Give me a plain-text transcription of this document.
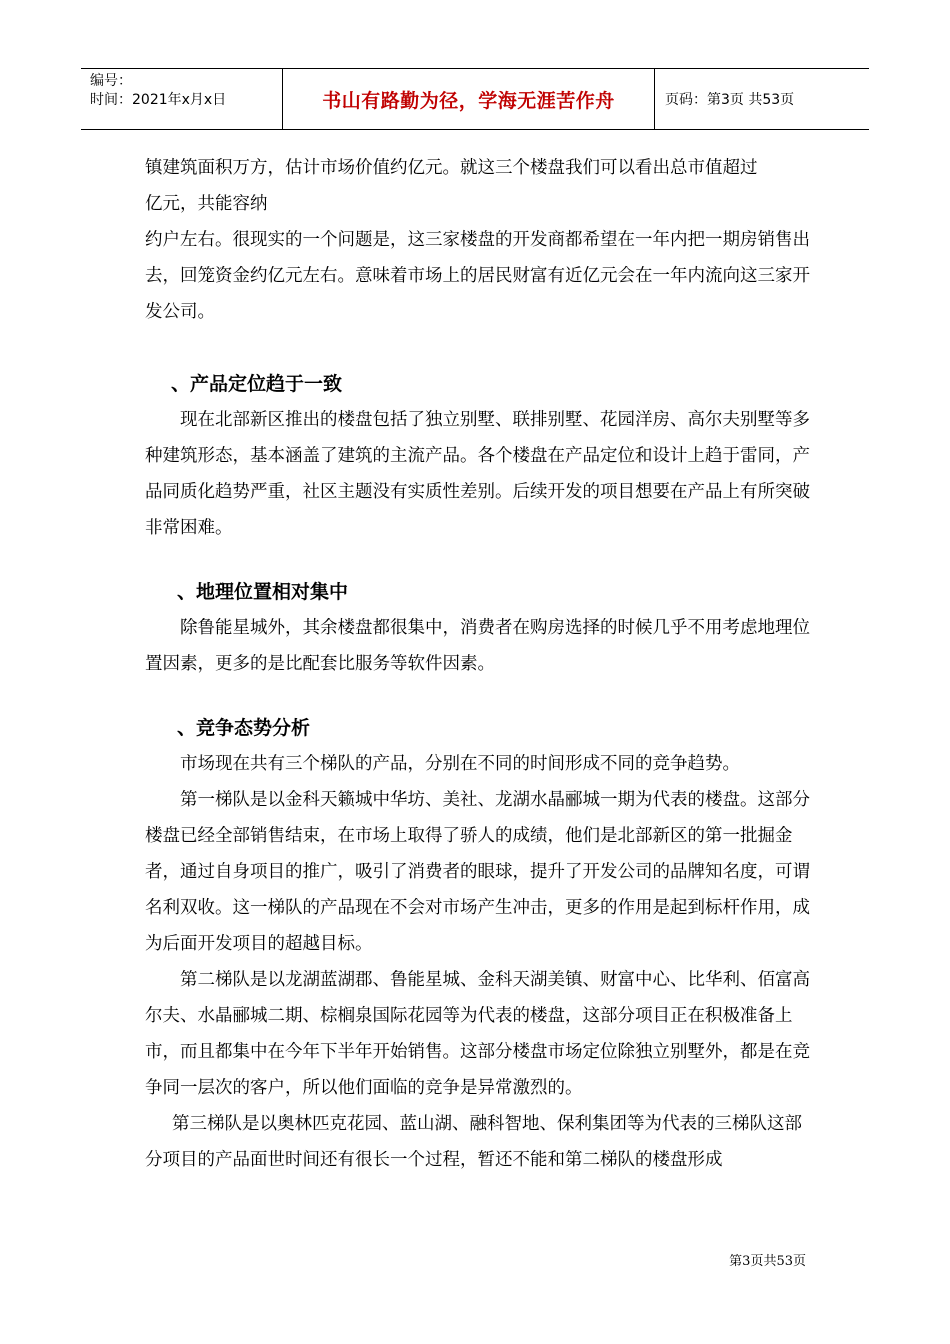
编号：
时间：2021年x月x日	书山有路勤为径，学海无涯苦作舟	页码：第3页 共53页

镇建筑面积万方，估计市场价值约亿元。就这三个楼盘我们可以看出总市值超过

亿元，共能容纳

约户左右。很现实的一个问题是，这三家楼盘的开发商都希望在一年内把一期房销售出去，回笼资金约亿元左右。意味着市场上的居民财富有近亿元会在一年内流向这三家开发公司。

、产品定位趋于一致

现在北部新区推出的楼盘包括了独立别墅、联排别墅、花园洋房、高尔夫别墅等多种建筑形态，基本涵盖了建筑的主流产品。各个楼盘在产品定位和设计上趋于雷同，产品同质化趋势严重，社区主题没有实质性差别。后续开发的项目想要在产品上有所突破非常困难。

、地理位置相对集中

除鲁能星城外，其余楼盘都很集中，消费者在购房选择的时候几乎不用考虑地理位置因素，更多的是比配套比服务等软件因素。

、竞争态势分析

市场现在共有三个梯队的产品，分别在不同的时间形成不同的竞争趋势。

第一梯队是以金科天籁城中华坊、美社、龙湖水晶郦城一期为代表的楼盘。这部分楼盘已经全部销售结束，在市场上取得了骄人的成绩，他们是北部新区的第一批掘金者，通过自身项目的推广，吸引了消费者的眼球，提升了开发公司的品牌知名度，可谓名利双收。这一梯队的产品现在不会对市场产生冲击，更多的作用是起到标杆作用，成为后面开发项目的超越目标。

第二梯队是以龙湖蓝湖郡、鲁能星城、金科天湖美镇、财富中心、比华利、佰富高尔夫、水晶郦城二期、棕榈泉国际花园等为代表的楼盘，这部分项目正在积极准备上市，而且都集中在今年下半年开始销售。这部分楼盘市场定位除独立别墅外，都是在竞争同一层次的客户，所以他们面临的竞争是异常激烈的。

第三梯队是以奥林匹克花园、蓝山湖、融科智地、保利集团等为代表的三梯队这部分项目的产品面世时间还有很长一个过程，暂还不能和第二梯队的楼盘形成

第3页共53页
